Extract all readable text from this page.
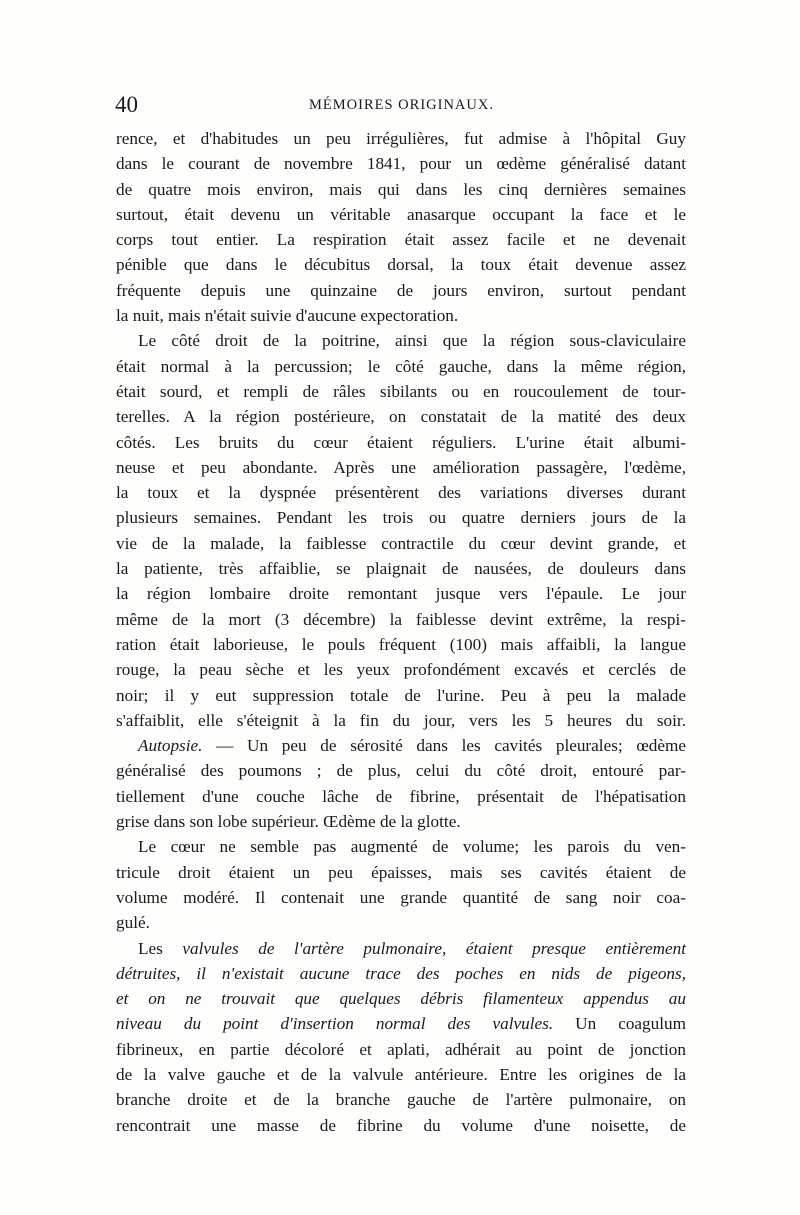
40	MÉMOIRES ORIGINAUX.
rence, et d'habitudes un peu irrégulières, fut admise à l'hôpital Guy
dans le courant de novembre 1841, pour un œdème généralisé datant
de quatre mois environ, mais qui dans les cinq dernières semaines
surtout, était devenu un véritable anasarque occupant la face et le
corps tout entier. La respiration était assez facile et ne devenait
pénible que dans le décubitus dorsal, la toux était devenue assez
fréquente depuis une quinzaine de jours environ, surtout pendant
la nuit, mais n'était suivie d'aucune expectoration.
Le côté droit de la poitrine, ainsi que la région sous-claviculaire
était normal à la percussion; le côté gauche, dans la même région,
était sourd, et rempli de râles sibilants ou en roucoulement de tour-
terelles. A la région postérieure, on constatait de la matité des deux
côtés. Les bruits du cœur étaient réguliers. L'urine était albumi-
neuse et peu abondante. Après une amélioration passagère, l'œdème,
la toux et la dyspnée présentèrent des variations diverses durant
plusieurs semaines. Pendant les trois ou quatre derniers jours de la
vie de la malade, la faiblesse contractile du cœur devint grande, et
la patiente, très affaiblie, se plaignait de nausées, de douleurs dans
la région lombaire droite remontant jusque vers l'épaule. Le jour
même de la mort (3 décembre) la faiblesse devint extrême, la respi-
ration était laborieuse, le pouls fréquent (100) mais affaibli, la langue
rouge, la peau sèche et les yeux profondément excavés et cerclés de
noir; il y eut suppression totale de l'urine. Peu à peu la malade
s'affaiblit, elle s'éteignit à la fin du jour, vers les 5 heures du soir.
Autopsie. — Un peu de sérosité dans les cavités pleurales; œdème
généralisé des poumons ; de plus, celui du côté droit, entouré par-
tiellement d'une couche lâche de fibrine, présentait de l'hépatisation
grise dans son lobe supérieur. Œdème de la glotte.
Le cœur ne semble pas augmenté de volume; les parois du ven-
tricule droit étaient un peu épaisses, mais ses cavités étaient de
volume modéré. Il contenait une grande quantité de sang noir coa-
gulé.
Les valvules de l'artère pulmonaire, étaient presque entièrement
détruites, il n'existait aucune trace des poches en nids de pigeons,
et on ne trouvait que quelques débris filamenteux appendus au
niveau du point d'insertion normal des valvules. Un coagulum
fibrineux, en partie décoloré et aplati, adhérait au point de jonction
de la valve gauche et de la valvule antérieure. Entre les origines de la
branche droite et de la branche gauche de l'artère pulmonaire, on
rencontrait une masse de fibrine du volume d'une noisette, de
